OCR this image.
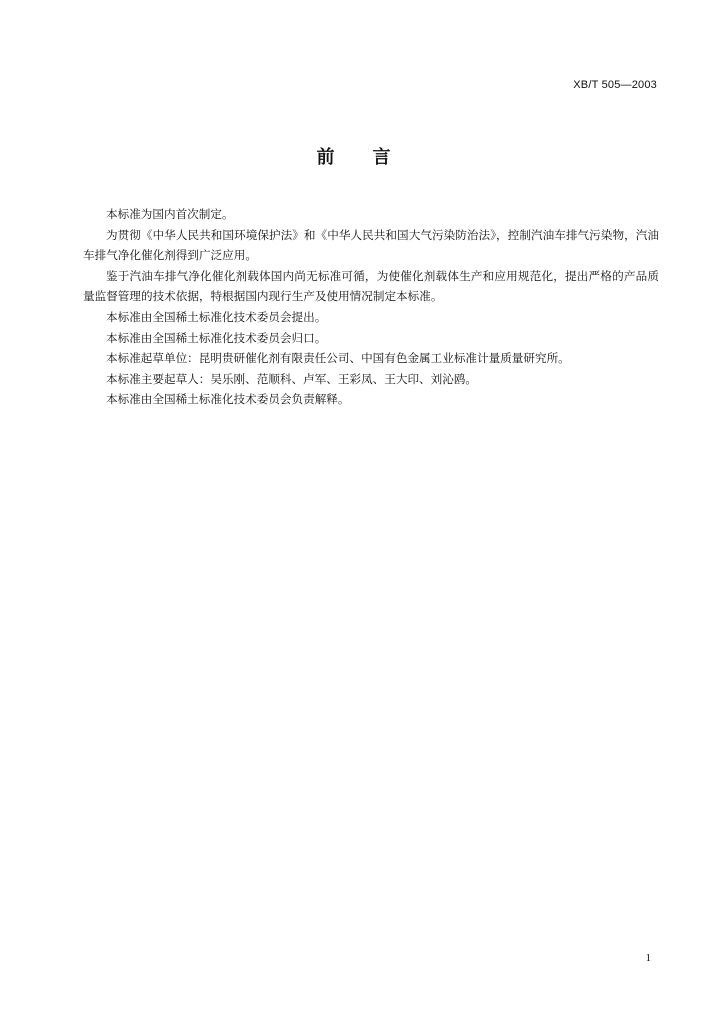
XB/T 505—2003
前言

本标准为国内首次制定。

为贯彻《中华人民共和国环境保护法》和《中华人民共和国大气污染防治法》，控制汽油车排气污染物，汽油车排气净化催化剂得到广泛应用。

鉴于汽油车排气净化催化剂载体国内尚无标准可循，为使催化剂载体生产和应用规范化，提出严格的产品质量监督管理的技术依据，特根据国内现行生产及使用情况制定本标准。

本标准由全国稀土标准化技术委员会提出。

本标准由全国稀土标准化技术委员会归口。

本标准起草单位：昆明贵研催化剂有限责任公司、中国有色金属工业标准计量质量研究所。

本标准主要起草人：吴乐刚、范顺科、卢军、王彩凤、王大印、刘沁鸥。

本标准由全国稀土标准化技术委员会负责解释。

1
